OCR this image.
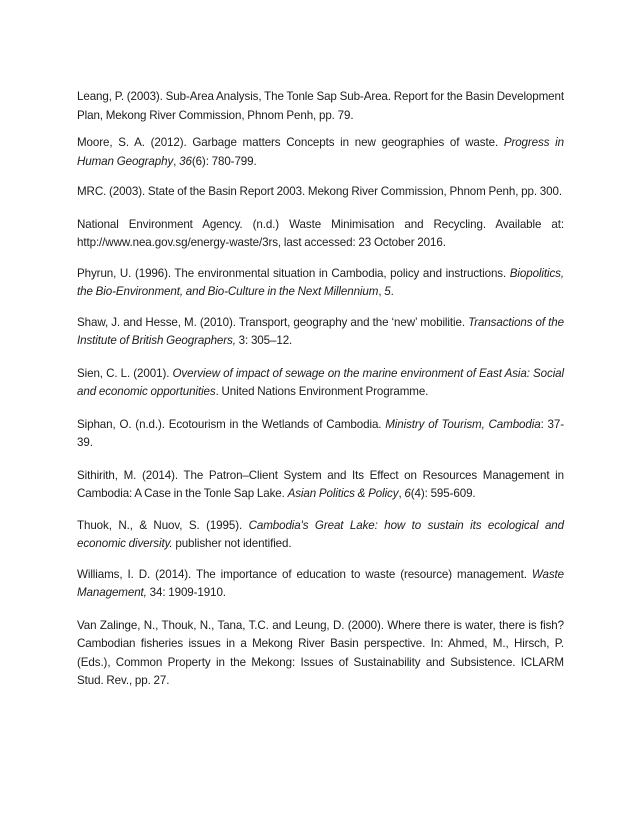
Leang, P. (2003). Sub-Area Analysis, The Tonle Sap Sub-Area. Report for the Basin Development Plan, Mekong River Commission, Phnom Penh, pp. 79.
Moore, S. A. (2012). Garbage matters Concepts in new geographies of waste. Progress in Human Geography, 36(6): 780-799.
MRC. (2003). State of the Basin Report 2003. Mekong River Commission, Phnom Penh, pp. 300.
National Environment Agency. (n.d.) Waste Minimisation and Recycling. Available at: http://www.nea.gov.sg/energy-waste/3rs, last accessed: 23 October 2016.
Phyrun, U. (1996). The environmental situation in Cambodia, policy and instructions. Biopolitics, the Bio-Environment, and Bio-Culture in the Next Millennium, 5.
Shaw, J. and Hesse, M. (2010). Transport, geography and the ‘new’ mobilitie. Transactions of the Institute of British Geographers, 3: 305–12.
Sien, C. L. (2001). Overview of impact of sewage on the marine environment of East Asia: Social and economic opportunities. United Nations Environment Programme.
Siphan, O. (n.d.). Ecotourism in the Wetlands of Cambodia. Ministry of Tourism, Cambodia: 37-39.
Sithirith, M. (2014). The Patron–Client System and Its Effect on Resources Management in Cambodia: A Case in the Tonle Sap Lake. Asian Politics & Policy, 6(4): 595-609.
Thuok, N., & Nuov, S. (1995). Cambodia's Great Lake: how to sustain its ecological and economic diversity. publisher not identified.
Williams, I. D. (2014). The importance of education to waste (resource) management. Waste Management, 34: 1909-1910.
Van Zalinge, N., Thouk, N., Tana, T.C. and Leung, D. (2000). Where there is water, there is fish? Cambodian fisheries issues in a Mekong River Basin perspective. In: Ahmed, M., Hirsch, P. (Eds.), Common Property in the Mekong: Issues of Sustainability and Subsistence. ICLARM Stud. Rev., pp. 27.
